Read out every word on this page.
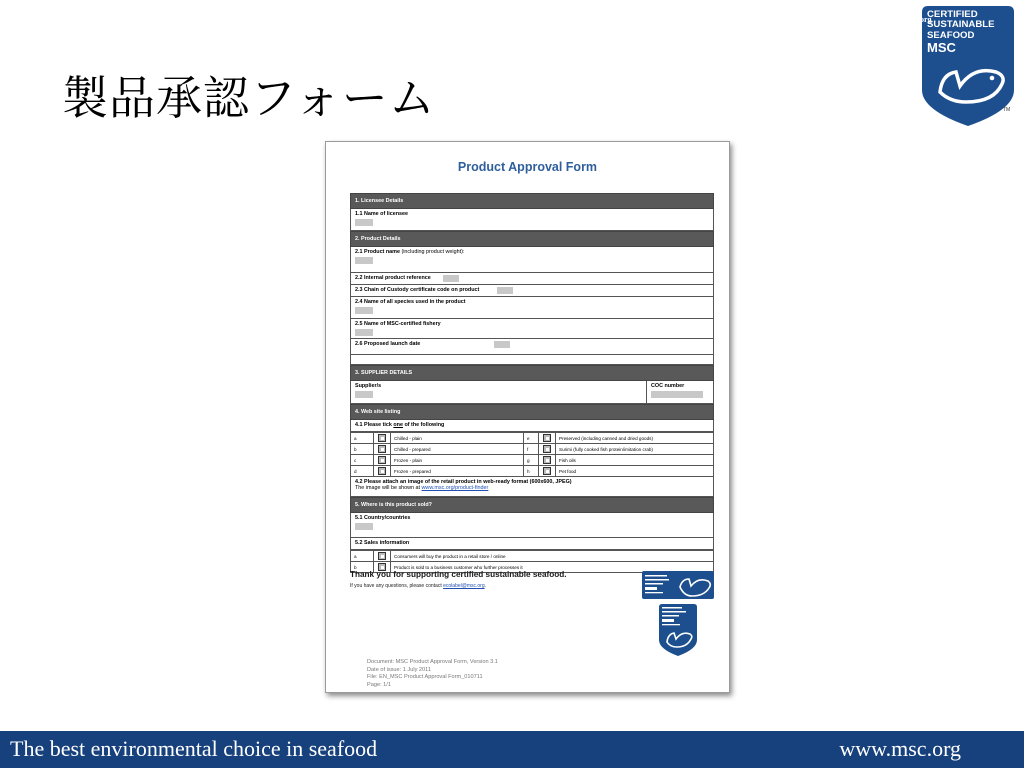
製品承認フォーム
CERTIFIED
SUSTAINABLE
SEAFOOD
MSC
www.msc.org
TM
Product Approval Form
1. Licensee Details
1.1 Name of licensee
2. Product Details
2.1 Product name (including product weight):
2.2 Internal product reference
2.3 Chain of Custody certificate code on product
2.4 Name of all species used in the product
2.5 Name of MSC-certified fishery
2.6 Proposed launch date
3. SUPPLIER DETAILS
Supplier/s	COC number
4. Web site listing
4.1 Please tick one of the following
a		Chilled - plain	e		Preserved (including canned and dried goods)
b		Chilled - prepared	f		Surimi (fully cooked fish protein/imitation crab)
c		Frozen - plain	g		Fish oils
d		Frozen - prepared	h		Pet food
4.2 Please attach an image of the retail product in web-ready format (600x600, JPEG)
The image will be shown at www.msc.org/product-finder
5. Where is this product sold?
5.1 Country/countries
5.2 Sales information
a		Consumers will buy the product in a retail store / online
b		Product is sold to a business customer who further processes it
Thank you for supporting certified sustainable seafood.
If you have any questions, please contact ecolabel@msc.org.
Document: MSC Product Approval Form, Version 3.1
Date of issue: 1 July 2011
File: EN_MSC Product Approval Form_010711
Page: 1/1
The best environmental choice in seafood	www.msc.org
